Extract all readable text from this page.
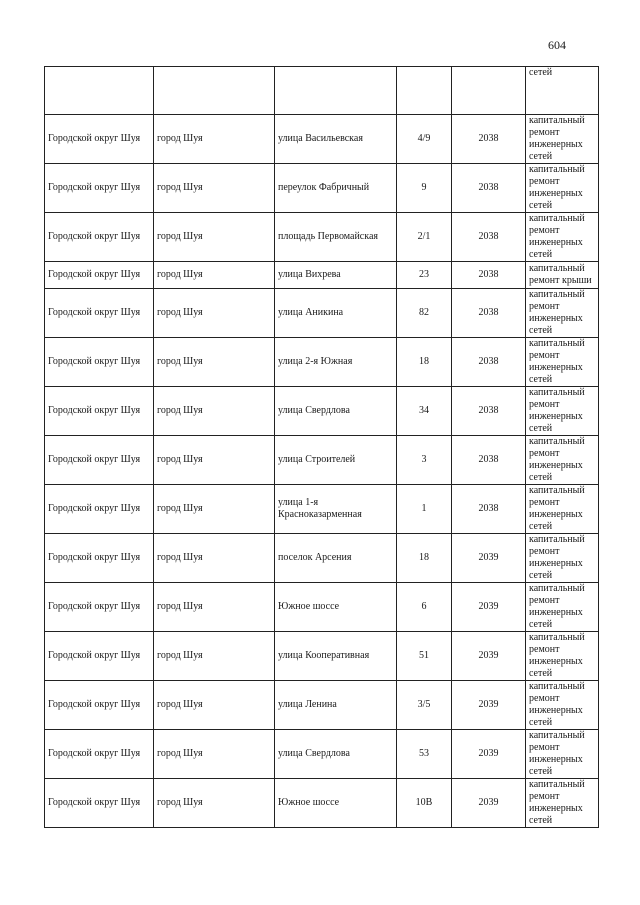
604
					сетей
Городской округ Шуя	город Шуя	улица Васильевская	4/9	2038	капитальный ремонт инженерных сетей
Городской округ Шуя	город Шуя	переулок Фабричный	9	2038	капитальный ремонт инженерных сетей
Городской округ Шуя	город Шуя	площадь Первомайская	2/1	2038	капитальный ремонт инженерных сетей
Городской округ Шуя	город Шуя	улица Вихрева	23	2038	капитальный ремонт крыши
Городской округ Шуя	город Шуя	улица Аникина	82	2038	капитальный ремонт инженерных сетей
Городской округ Шуя	город Шуя	улица 2-я Южная	18	2038	капитальный ремонт инженерных сетей
Городской округ Шуя	город Шуя	улица Свердлова	34	2038	капитальный ремонт инженерных сетей
Городской округ Шуя	город Шуя	улица Строителей	3	2038	капитальный ремонт инженерных сетей
Городской округ Шуя	город Шуя	улица 1-я Красноказарменная	1	2038	капитальный ремонт инженерных сетей
Городской округ Шуя	город Шуя	поселок Арсения	18	2039	капитальный ремонт инженерных сетей
Городской округ Шуя	город Шуя	Южное шоссе	6	2039	капитальный ремонт инженерных сетей
Городской округ Шуя	город Шуя	улица Кооперативная	51	2039	капитальный ремонт инженерных сетей
Городской округ Шуя	город Шуя	улица Ленина	3/5	2039	капитальный ремонт инженерных сетей
Городской округ Шуя	город Шуя	улица Свердлова	53	2039	капитальный ремонт инженерных сетей
Городской округ Шуя	город Шуя	Южное шоссе	10В	2039	капитальный ремонт инженерных сетей
